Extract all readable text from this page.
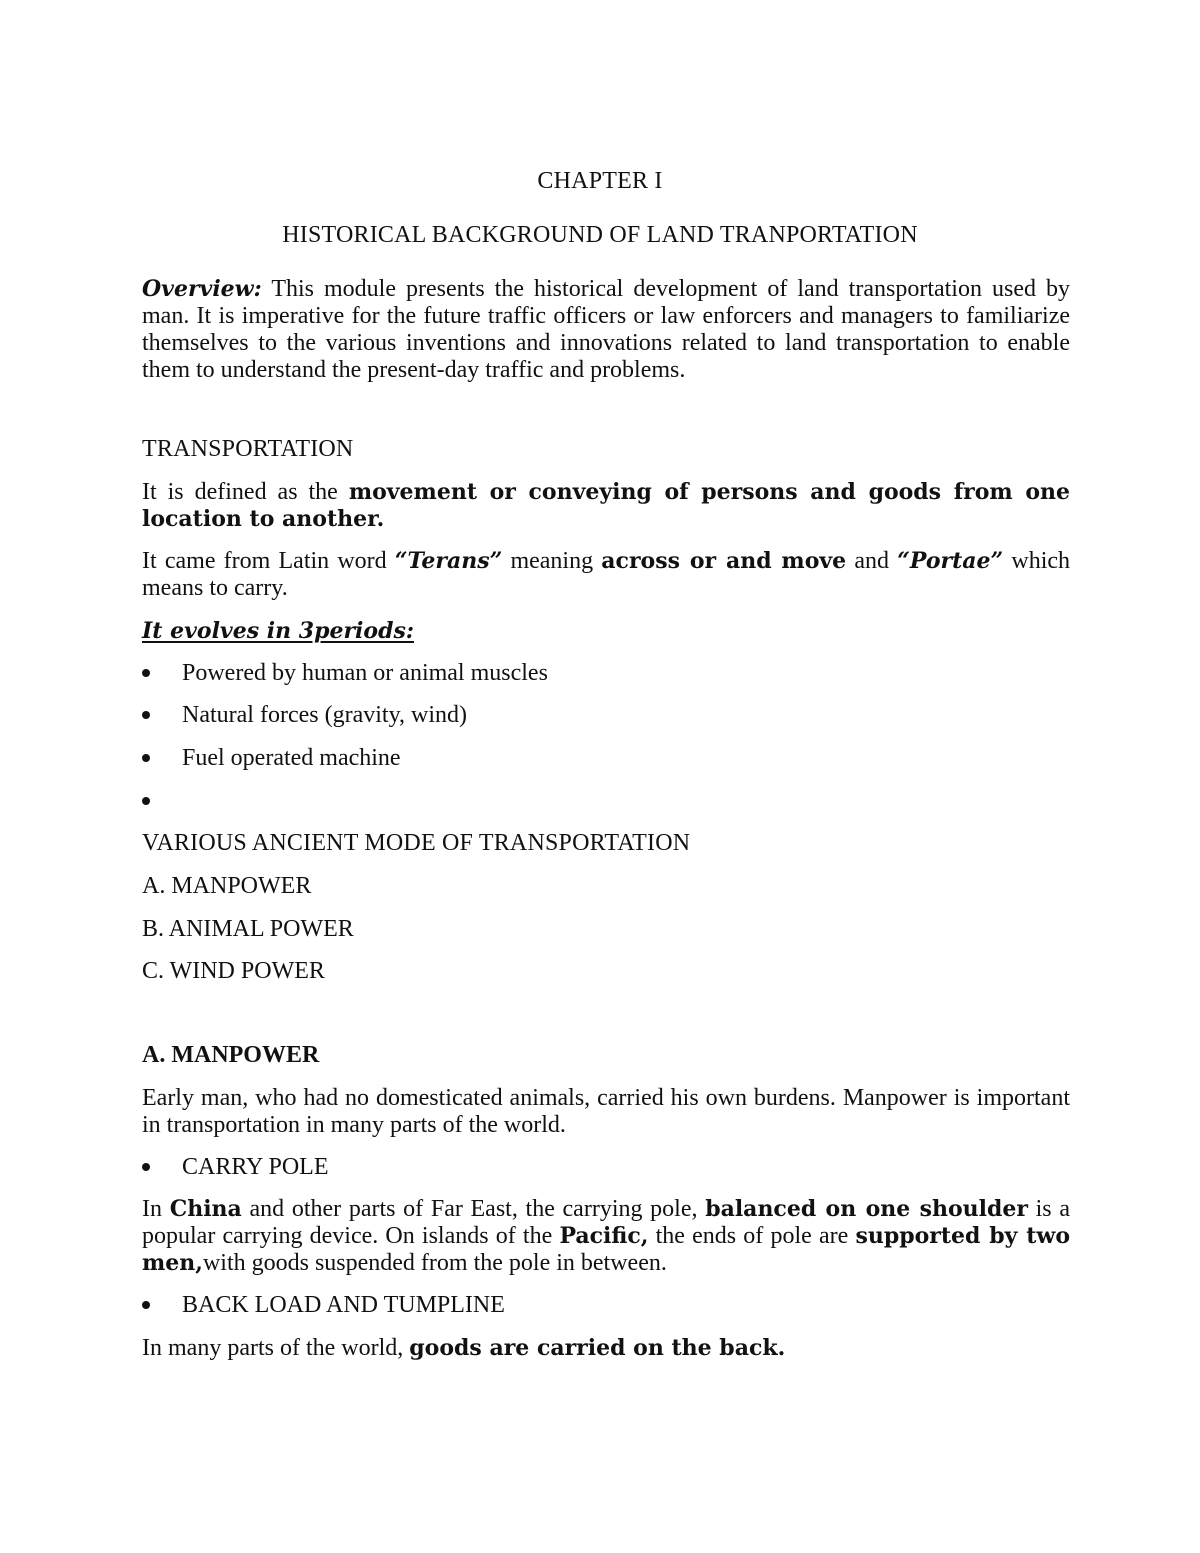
CHAPTER I
HISTORICAL BACKGROUND OF LAND TRANPORTATION
Overview: This module presents the historical development of land transportation used by man. It is imperative for the future traffic officers or law enforcers and managers to familiarize themselves to the various inventions and innovations related to land transportation to enable them to understand the present-day traffic and problems.
TRANSPORTATION
It is defined as the movement or conveying of persons and goods from one location to another.
It came from Latin word “Terans” meaning across or and move and “Portae” which means to carry.
It evolves in 3periods:
Powered by human or animal muscles
Natural forces (gravity, wind)
Fuel operated machine
VARIOUS ANCIENT MODE OF TRANSPORTATION
A. MANPOWER
B. ANIMAL POWER
C. WIND POWER
A. MANPOWER
Early man, who had no domesticated animals, carried his own burdens. Manpower is important in transportation in many parts of the world.
CARRY POLE
In China and other parts of Far East, the carrying pole, balanced on one shoulder is a popular carrying device. On islands of the Pacific, the ends of pole are supported by two men,with goods suspended from the pole in between.
BACK LOAD AND TUMPLINE
In many parts of the world, goods are carried on the back.
